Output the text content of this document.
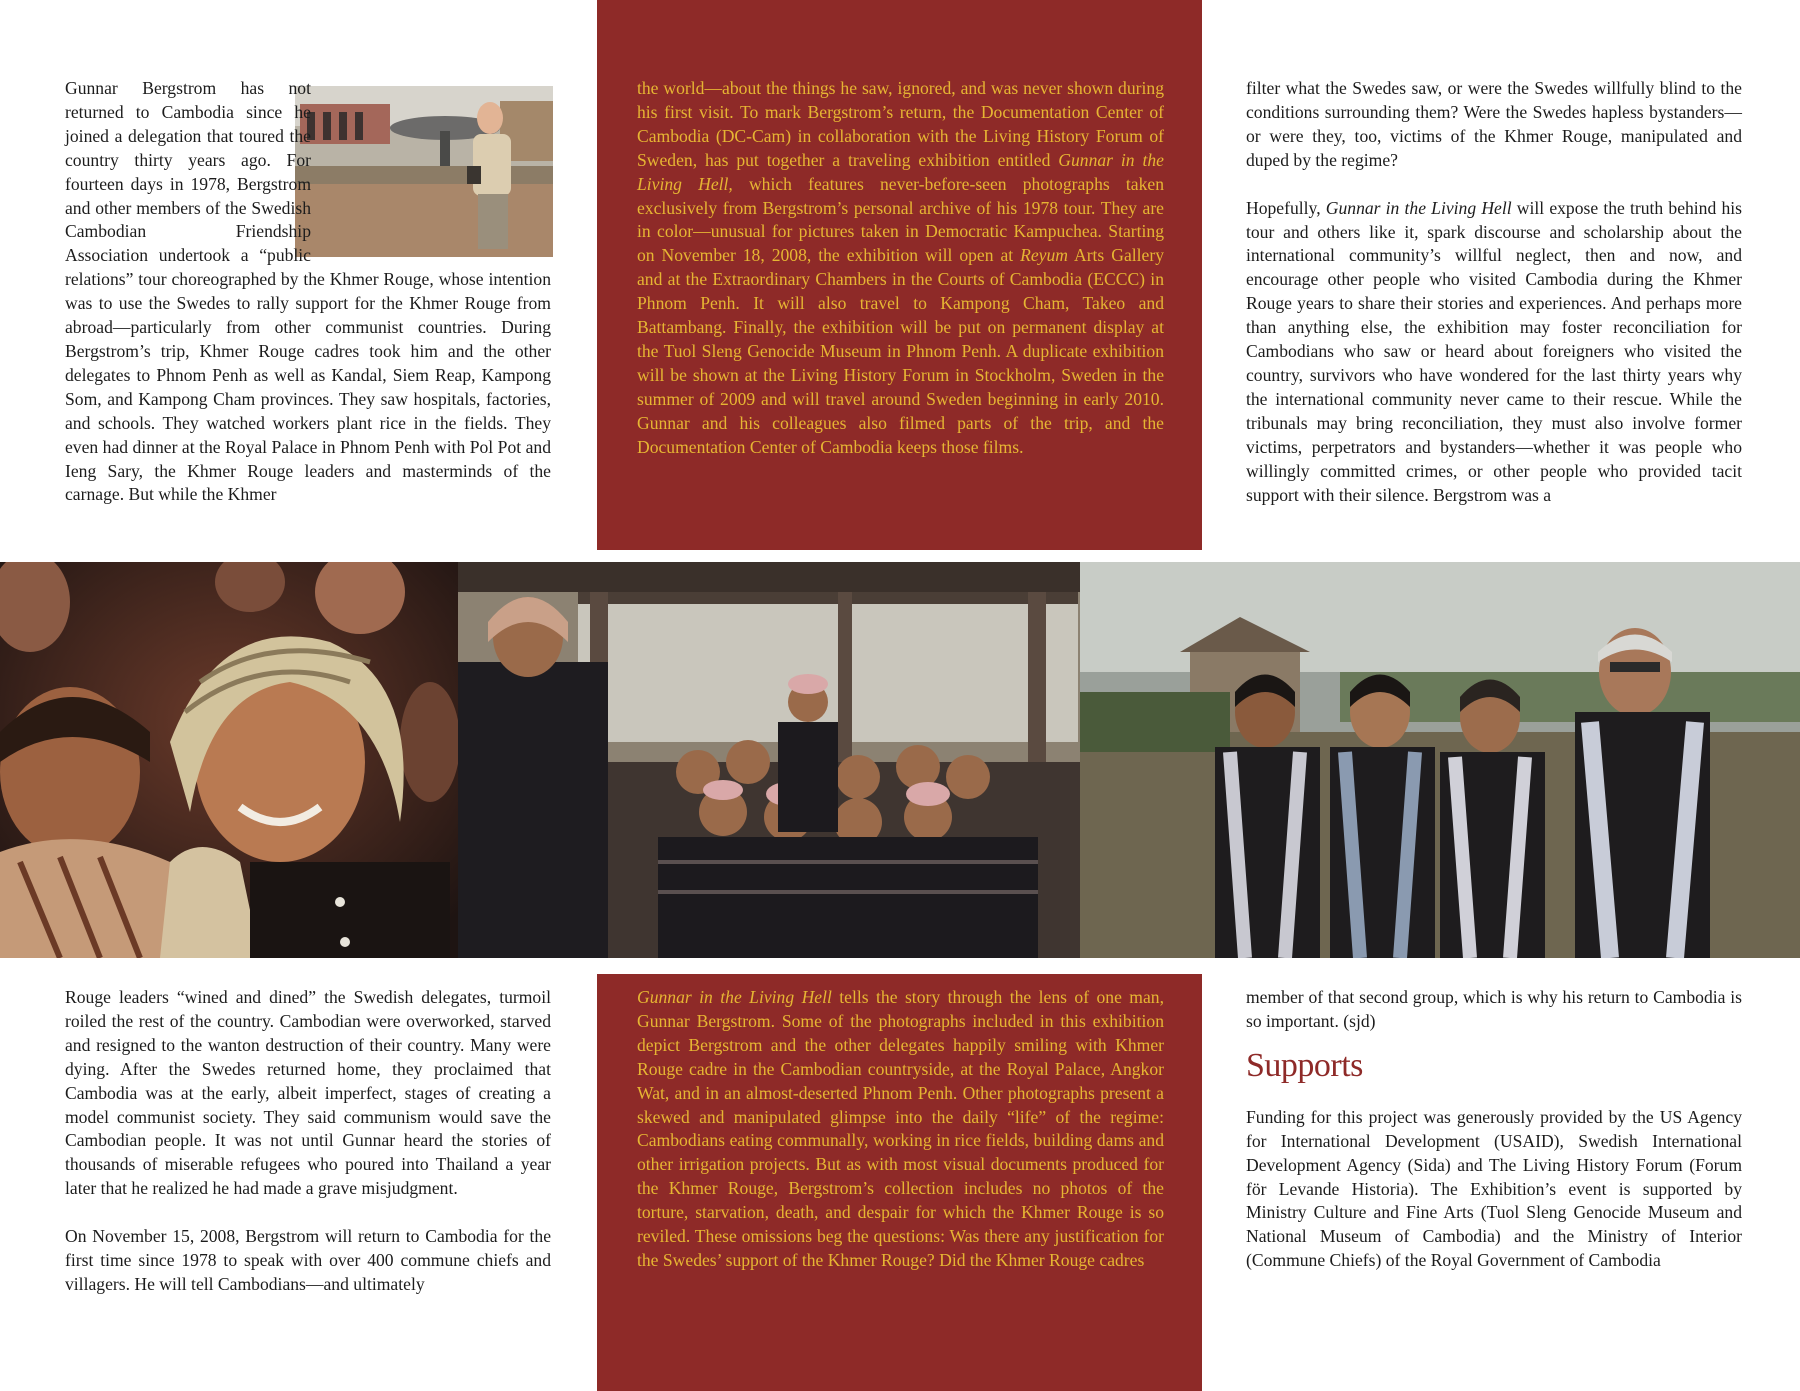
Gunnar Bergstrom has not returned to Cambodia since he joined a delegation that toured the country thirty years ago. For fourteen days in 1978, Bergstrom and other members of the Swedish Cambodian Friendship Association undertook a “public relations” tour choreographed by the Khmer Rouge, whose intention was to use the Swedes to rally support for the Khmer Rouge from abroad—particularly from other communist countries. During Bergstrom’s trip, Khmer Rouge cadres took him and the other delegates to Phnom Penh as well as Kandal, Siem Reap, Kampong Som, and Kampong Cham provinces. They saw hospitals, factories, and schools. They watched workers plant rice in the fields. They even had dinner at the Royal Palace in Phnom Penh with Pol Pot and Ieng Sary, the Khmer Rouge leaders and masterminds of the carnage. But while the Khmer

the world—about the things he saw, ignored, and was never shown during his first visit. To mark Bergstrom’s return, the Documentation Center of Cambodia (DC-Cam) in collaboration with the Living History Forum of Sweden, has put together a traveling exhibition entitled Gunnar in the Living Hell, which features never-before-seen photographs taken exclusively from Bergstrom’s personal archive of his 1978 tour. They are in color—unusual for pictures taken in Democratic Kampuchea. Starting on November 18, 2008, the exhibition will open at Reyum Arts Gallery and at the Extraordinary Chambers in the Courts of Cambodia (ECCC) in Phnom Penh. It will also travel to Kampong Cham, Takeo and Battambang. Finally, the exhibition will be put on permanent display at the Tuol Sleng Genocide Museum in Phnom Penh. A duplicate exhibition will be shown at the Living History Forum in Stockholm, Sweden in the summer of 2009 and will travel around Sweden beginning in early 2010. Gunnar and his colleagues also filmed parts of the trip, and the Documentation Center of Cambodia keeps those films.

filter what the Swedes saw, or were the Swedes willfully blind to the conditions surrounding them? Were the Swedes hapless bystanders—or were they, too, victims of the Khmer Rouge, manipulated and duped by the regime?

Hopefully, Gunnar in the Living Hell will expose the truth behind his tour and others like it, spark discourse and scholarship about the international community’s willful neglect, then and now, and encourage other people who visited Cambodia during the Khmer Rouge years to share their stories and experiences. And perhaps more than anything else, the exhibition may foster reconciliation for Cambodians who saw or heard about foreigners who visited the country, survivors who have wondered for the last thirty years why the international community never came to their rescue. While the tribunals may bring reconciliation, they must also involve former victims, perpetrators and bystanders—whether it was people who willingly committed crimes, or other people who provided tacit support with their silence. Bergstrom was a

Rouge leaders “wined and dined” the Swedish delegates, turmoil roiled the rest of the country. Cambodian were overworked, starved and resigned to the wanton destruction of their country. Many were dying. After the Swedes returned home, they proclaimed that Cambodia was at the early, albeit imperfect, stages of creating a model communist society. They said communism would save the Cambodian people. It was not until Gunnar heard the stories of thousands of miserable refugees who poured into Thailand a year later that he realized he had made a grave misjudgment.

On November 15, 2008, Bergstrom will return to Cambodia for the first time since 1978 to speak with over 400 commune chiefs and villagers. He will tell Cambodians—and ultimately

Gunnar in the Living Hell tells the story through the lens of one man, Gunnar Bergstrom. Some of the photographs included in this exhibition depict Bergstrom and the other delegates happily smiling with Khmer Rouge cadre in the Cambodian countryside, at the Royal Palace, Angkor Wat, and in an almost-deserted Phnom Penh. Other photographs present a skewed and manipulated glimpse into the daily “life” of the regime: Cambodians eating communally, working in rice fields, building dams and other irrigation projects. But as with most visual documents produced for the Khmer Rouge, Bergstrom’s collection includes no photos of the torture, starvation, death, and despair for which the Khmer Rouge is so reviled. These omissions beg the questions: Was there any justification for the Swedes’ support of the Khmer Rouge? Did the Khmer Rouge cadres

member of that second group, which is why his return to Cambodia is so important. (sjd)

Supports

Funding for this project was generously provided by the US Agency for International Development (USAID), Swedish International Development Agency (Sida) and The Living History Forum (Forum för Levande Historia). The Exhibition’s event is supported by Ministry Culture and Fine Arts (Tuol Sleng Genocide Museum and National Museum of Cambodia) and the Ministry of Interior (Commune Chiefs) of the Royal Government of Cambodia
